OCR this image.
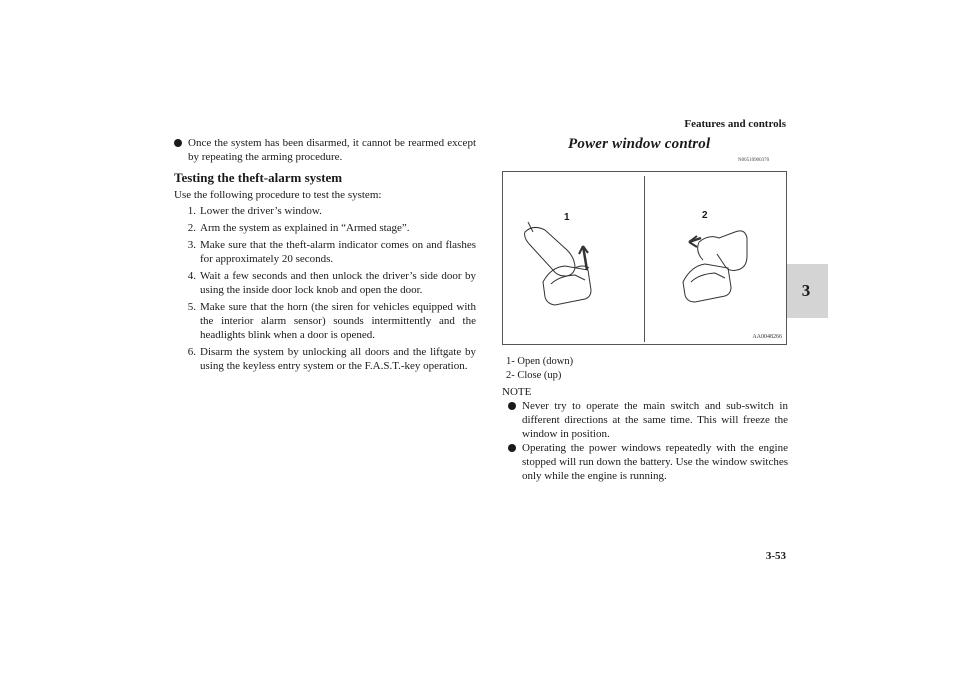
Features and controls
3
3-53

Once the system has been disarmed, it cannot be rearmed except by repeating the arming procedure.

Testing the theft-alarm system

Use the following procedure to test the system:

1. Lower the driver’s window.
2. Arm the system as explained in “Armed stage”.
3. Make sure that the theft-alarm indicator comes on and flashes for approximately 20 seconds.
4. Wait a few seconds and then unlock the driver’s side door by using the inside door lock knob and open the door.
5. Make sure that the horn (the siren for vehicles equipped with the interior alarm sensor) sounds intermittently and the headlights blink when a door is opened.
6. Disarm the system by unlocking all doors and the liftgate by using the keyless entry system or the F.A.S.T.-key operation.
Power window control
N00510900370
1	2
AA0048266
1- Open (down)
2- Close (up)
NOTE

Never try to operate the main switch and sub-switch in different directions at the same time. This will freeze the window in position.

Operating the power windows repeatedly with the engine stopped will run down the battery. Use the window switches only while the engine is running.
